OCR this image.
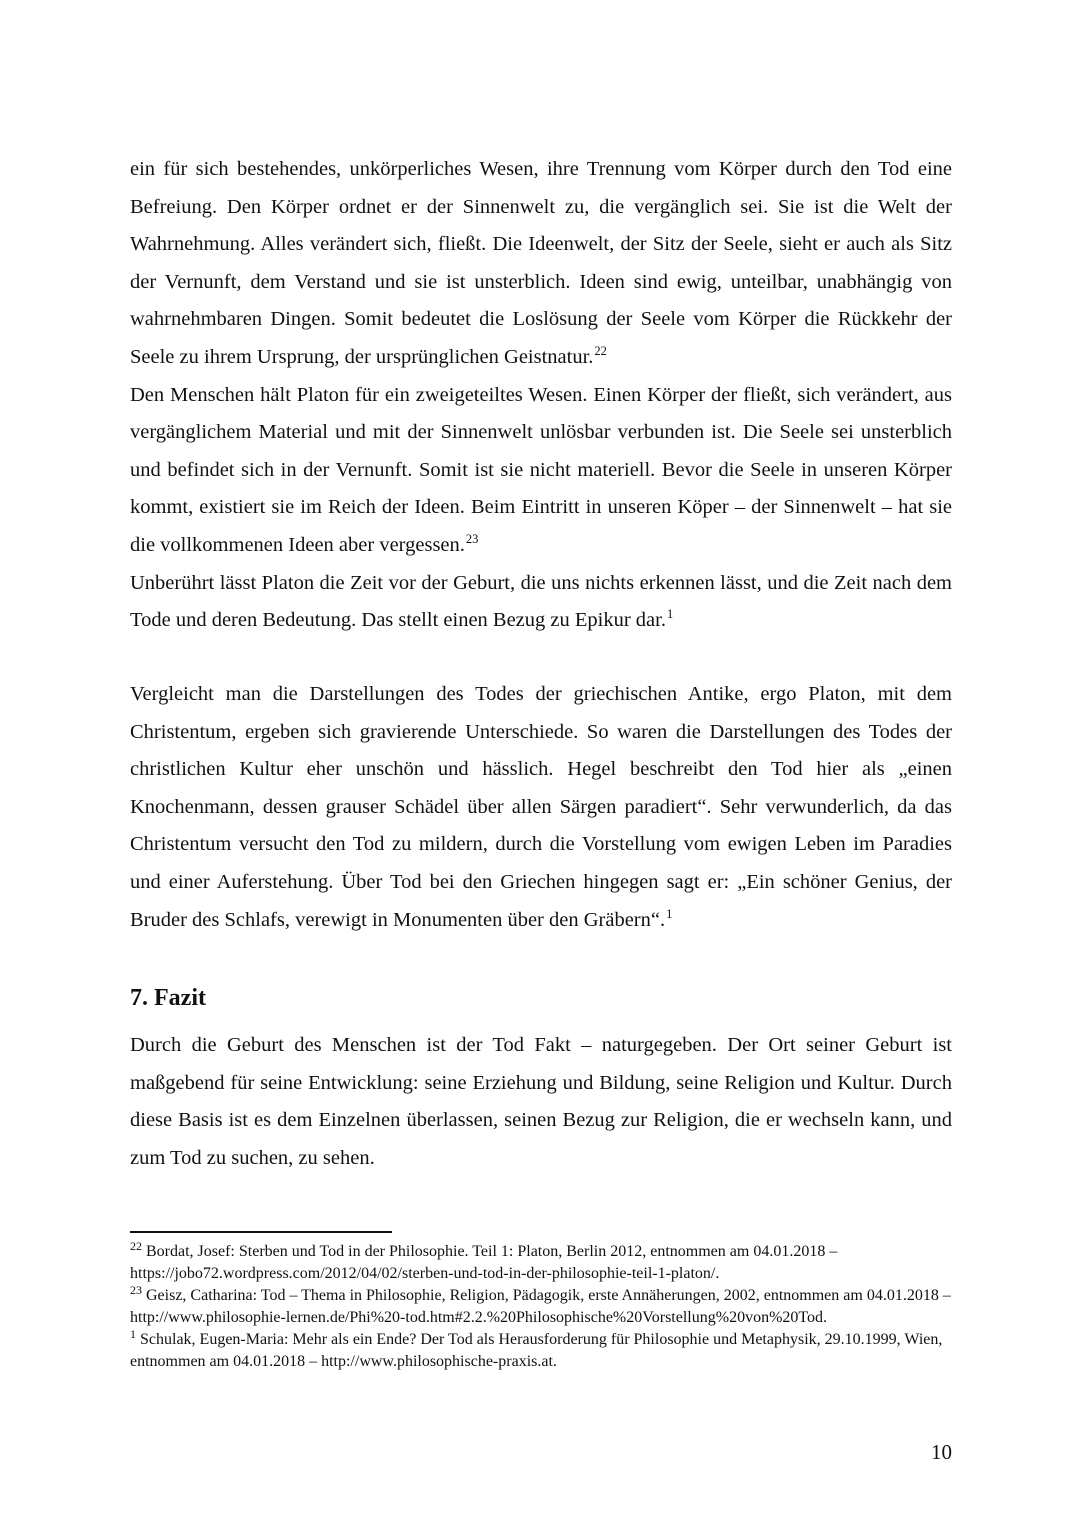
ein für sich bestehendes, unkörperliches Wesen, ihre Trennung vom Körper durch den Tod eine Befreiung. Den Körper ordnet er der Sinnenwelt zu, die vergänglich sei. Sie ist die Welt der Wahrnehmung. Alles verändert sich, fließt. Die Ideenwelt, der Sitz der Seele, sieht er auch als Sitz der Vernunft, dem Verstand und sie ist unsterblich. Ideen sind ewig, unteilbar, unabhängig von wahrnehmbaren Dingen. Somit bedeutet die Loslösung der Seele vom Körper die Rückkehr der Seele zu ihrem Ursprung, der ursprünglichen Geistnatur.$^{22}$

Den Menschen hält Platon für ein zweigeteiltes Wesen. Einen Körper der fließt, sich verändert, aus vergänglichem Material und mit der Sinnenwelt unlösbar verbunden ist. Die Seele sei unsterblich und befindet sich in der Vernunft. Somit ist sie nicht materiell. Bevor die Seele in unseren Körper kommt, existiert sie im Reich der Ideen. Beim Eintritt in unseren Köper – der Sinnenwelt – hat sie die vollkommenen Ideen aber vergessen.$^{23}$

Unberührt lässt Platon die Zeit vor der Geburt, die uns nichts erkennen lässt, und die Zeit nach dem Tode und deren Bedeutung. Das stellt einen Bezug zu Epikur dar.$^1$

Vergleicht man die Darstellungen des Todes der griechischen Antike, ergo Platon, mit dem Christentum, ergeben sich gravierende Unterschiede. So waren die Darstellungen des Todes der christlichen Kultur eher unschön und hässlich. Hegel beschreibt den Tod hier als „einen Knochenmann, dessen grauser Schädel über allen Särgen paradiert“. Sehr verwunderlich, da das Christentum versucht den Tod zu mildern, durch die Vorstellung vom ewigen Leben im Paradies und einer Auferstehung. Über Tod bei den Griechen hingegen sagt er: „Ein schöner Genius, der Bruder des Schlafs, verewigt in Monumenten über den Gräbern“.$^1$

7. Fazit

Durch die Geburt des Menschen ist der Tod Fakt – naturgegeben. Der Ort seiner Geburt ist maßgebend für seine Entwicklung: seine Erziehung und Bildung, seine Religion und Kultur. Durch diese Basis ist es dem Einzelnen überlassen, seinen Bezug zur Religion, die er wechseln kann, und zum Tod zu suchen, zu sehen.

$^{22}$ Bordat, Josef: Sterben und Tod in der Philosophie. Teil 1: Platon, Berlin 2012, entnommen am 04.01.2018 – https://jobo72.wordpress.com/2012/04/02/sterben-und-tod-in-der-philosophie-teil-1-platon/.

$^{23}$ Geisz, Catharina: Tod – Thema in Philosophie, Religion, Pädagogik, erste Annäherungen, 2002, entnommen am 04.01.2018 – http://www.philosophie-lernen.de/Phi%20-tod.htm#2.2.%20Philosophische%20Vorstellung%20von%20Tod.

$^1$ Schulak, Eugen-Maria: Mehr als ein Ende? Der Tod als Herausforderung für Philosophie und Metaphysik, 29.10.1999, Wien, entnommen am 04.01.2018 – http://www.philosophische-praxis.at.

10
